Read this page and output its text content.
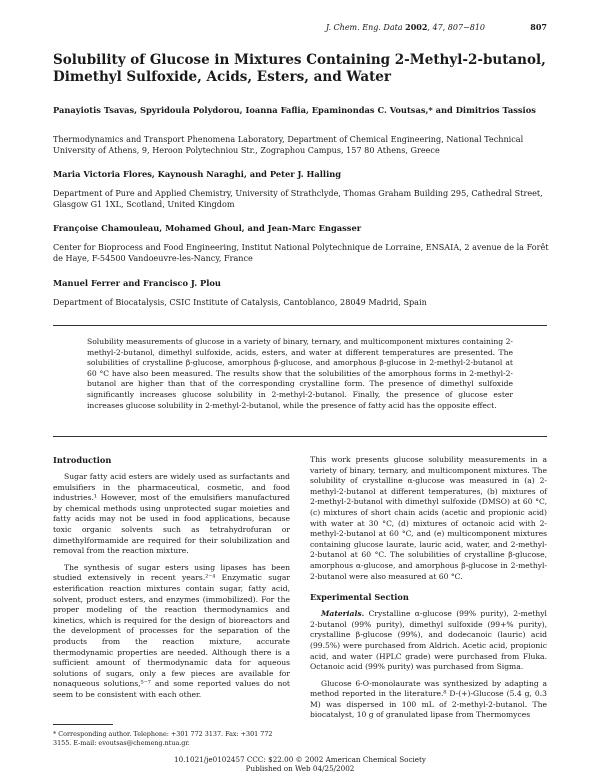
J. Chem. Eng. Data 2002, 47, 807−810	807
Solubility of Glucose in Mixtures Containing 2-Methyl-2-butanol, Dimethyl Sulfoxide, Acids, Esters, and Water

Panayiotis Tsavas, Spyridoula Polydorou, Ioanna Faflia, Epaminondas C. Voutsas,* and Dimitrios Tassios

Thermodynamics and Transport Phenomena Laboratory, Department of Chemical Engineering, National Technical University of Athens, 9, Heroon Polytechniou Str., Zographou Campus, 157 80 Athens, Greece

Maria Victoria Flores, Kaynoush Naraghi, and Peter J. Halling

Department of Pure and Applied Chemistry, University of Strathclyde, Thomas Graham Building 295, Cathedral Street, Glasgow G1 1XL, Scotland, United Kingdom

Françoise Chamouleau, Mohamed Ghoul, and Jean-Marc Engasser

Center for Bioprocess and Food Engineering, Institut National Polytechnique de Lorraine, ENSAIA, 2 avenue de la Forêt de Haye, F-54500 Vandoeuvre-les-Nancy, France

Manuel Ferrer and Francisco J. Plou

Department of Biocatalysis, CSIC Institute of Catalysis, Cantoblanco, 28049 Madrid, Spain

Solubility measurements of glucose in a variety of binary, ternary, and multicomponent mixtures containing 2-methyl-2-butanol, dimethyl sulfoxide, acids, esters, and water at different temperatures are presented. The solubilities of crystalline β-glucose, amorphous β-glucose, and amorphous β-glucose in 2-methyl-2-butanol at 60 °C have also been measured. The results show that the solubilities of the amorphous forms in 2-methyl-2-butanol are higher than that of the corresponding crystalline form. The presence of dimethyl sulfoxide significantly increases glucose solubility in 2-methyl-2-butanol. Finally, the presence of glucose ester increases glucose solubility in 2-methyl-2-butanol, while the presence of fatty acid has the opposite effect.

Introduction

Sugar fatty acid esters are widely used as surfactants and emulsifiers in the pharmaceutical, cosmetic, and food industries.¹ However, most of the emulsifiers manufactured by chemical methods using unprotected sugar moieties and fatty acids may not be used in food applications, because toxic organic solvents such as tetrahydrofuran or dimethylformamide are required for their solubilization and removal from the reaction mixture.

The synthesis of sugar esters using lipases has been studied extensively in recent years.²⁻⁴ Enzymatic sugar esterification reaction mixtures contain sugar, fatty acid, solvent, product esters, and enzymes (immobilized). For the proper modeling of the reaction thermodynamics and kinetics, which is required for the design of bioreactors and the development of processes for the separation of the products from the reaction mixture, accurate thermodynamic properties are needed. Although there is a sufficient amount of thermodynamic data for aqueous solutions of sugars, only a few pieces are available for nonaqueous solutions,⁵⁻⁷ and some reported values do not seem to be consistent with each other.

This work presents glucose solubility measurements in a variety of binary, ternary, and multicomponent mixtures. The solubility of crystalline α-glucose was measured in (a) 2-methyl-2-butanol at different temperatures, (b) mixtures of 2-methyl-2-butanol with dimethyl sulfoxide (DMSO) at 60 °C, (c) mixtures of short chain acids (acetic and propionic acid) with water at 30 °C, (d) mixtures of octanoic acid with 2-methyl-2-butanol at 60 °C, and (e) multicomponent mixtures containing glucose laurate, lauric acid, water, and 2-methyl-2-butanol at 60 °C. The solubilities of crystalline β-glucose, amorphous α-glucose, and amorphous β-glucose in 2-methyl-2-butanol were also measured at 60 °C.

Experimental Section

Materials. Crystalline α-glucose (99% purity), 2-methyl 2-butanol (99% purity), dimethyl sulfoxide (99+% purity), crystalline β-glucose (99%), and dodecanoic (lauric) acid (99.5%) were purchased from Aldrich. Acetic acid, propionic acid, and water (HPLC grade) were purchased from Fluka. Octanoic acid (99% purity) was purchased from Sigma.

Glucose 6-O-monolaurate was synthesized by adapting a method reported in the literature.⁸ D-(+)-Glucose (5.4 g, 0.3 M) was dispersed in 100 mL of 2-methyl-2-butanol. The biocatalyst, 10 g of granulated lipase from Thermomyces

* Corresponding author. Telephone: +301 772 3137. Fax: +301 772 3155. E-mail: evoutsas@chemeng.ntua.gr.
10.1021/je0102457 CCC: $22.00 © 2002 American Chemical Society
Published on Web 04/25/2002
